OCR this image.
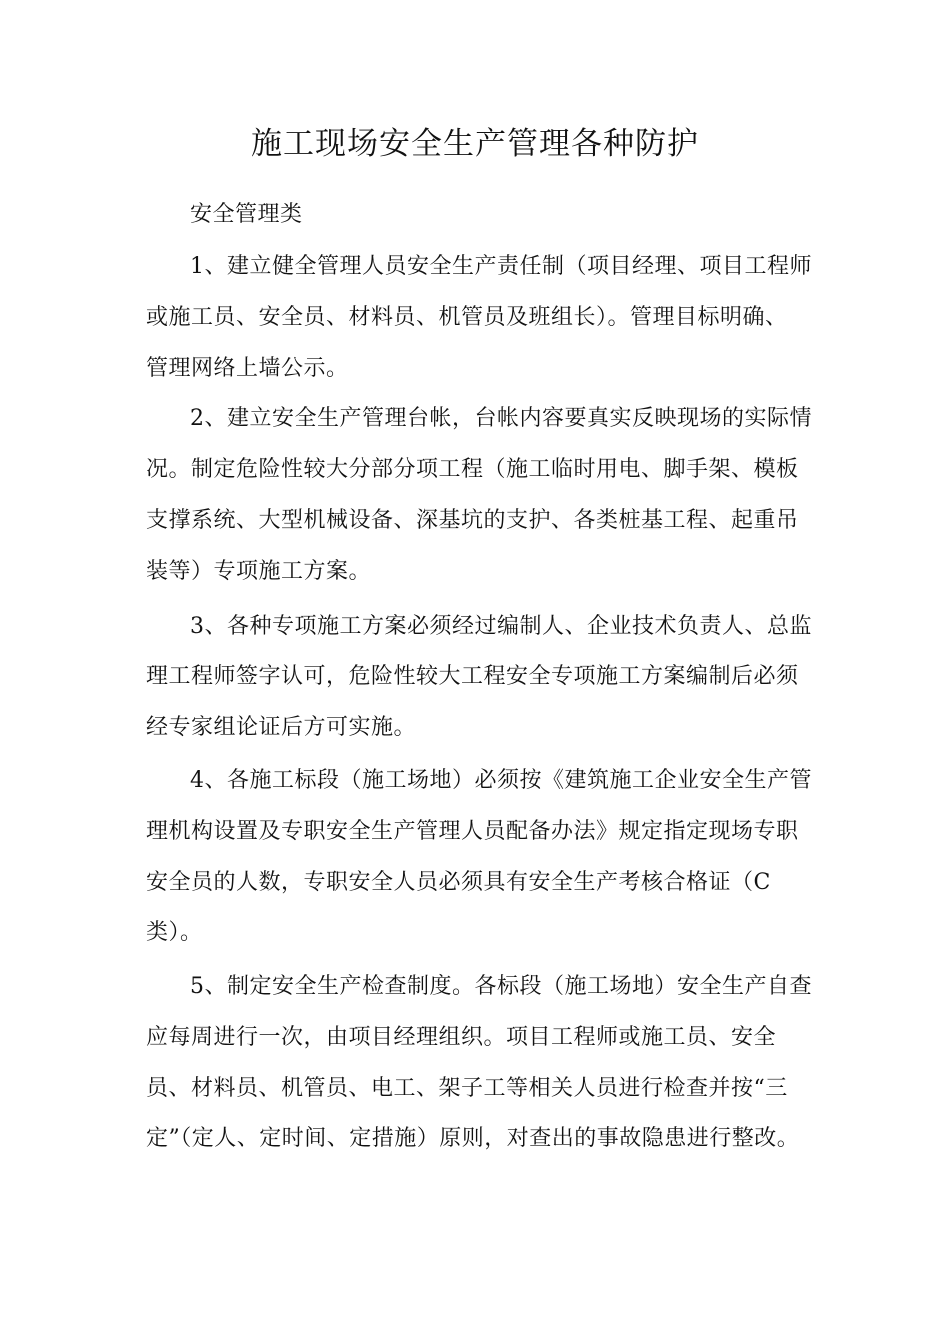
施工现场安全生产管理各种防护
安全管理类
1、建立健全管理人员安全生产责任制（项目经理、项目工程师
或施工员、安全员、材料员、机管员及班组长）。管理目标明确、
管理网络上墙公示。
2、建立安全生产管理台帐，台帐内容要真实反映现场的实际情
况。制定危险性较大分部分项工程（施工临时用电、脚手架、模板
支撑系统、大型机械设备、深基坑的支护、各类桩基工程、起重吊
装等）专项施工方案。
3、各种专项施工方案必须经过编制人、企业技术负责人、总监
理工程师签字认可，危险性较大工程安全专项施工方案编制后必须
经专家组论证后方可实施。
4、各施工标段（施工场地）必须按《建筑施工企业安全生产管
理机构设置及专职安全生产管理人员配备办法》规定指定现场专职
安全员的人数，专职安全人员必须具有安全生产考核合格证（C
类）。
5、制定安全生产检查制度。各标段（施工场地）安全生产自查
应每周进行一次，由项目经理组织。项目工程师或施工员、安全
员、材料员、机管员、电工、架子工等相关人员进行检查并按“三
定”（定人、定时间、定措施）原则，对查出的事故隐患进行整改。
